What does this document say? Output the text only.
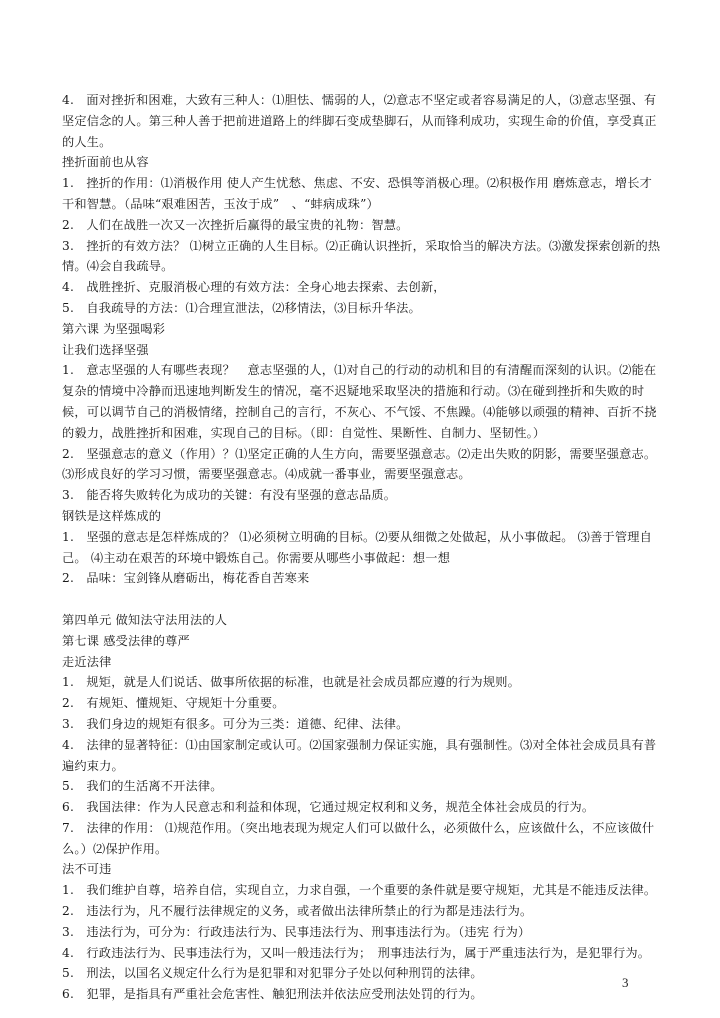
4.　面对挫折和困难，大致有三种人：⑴胆怯、懦弱的人，⑵意志不坚定或者容易满足的人，⑶意志坚强、有坚定信念的人。第三种人善于把前进道路上的绊脚石变成垫脚石，从而锋利成功，实现生命的价值，享受真正的人生。

挫折面前也从容

1.　挫折的作用：⑴消极作用 使人产生忧愁、焦虑、不安、恐惧等消极心理。⑵积极作用 磨炼意志，增长才干和智慧。（品味“艰难困苦，玉汝于成”　、“蚌病成珠”）

2.　人们在战胜一次又一次挫折后赢得的最宝贵的礼物：智慧。

3.　挫折的有效方法？ ⑴树立正确的人生目标。⑵正确认识挫折，采取恰当的解决方法。⑶激发探索创新的热情。⑷会自我疏导。

4.　战胜挫折、克服消极心理的有效方法：全身心地去探索、去创新，

5.　自我疏导的方法：⑴合理宣泄法，⑵移情法，⑶目标升华法。

第六课 为坚强喝彩

让我们选择坚强

1.　意志坚强的人有哪些表现？　意志坚强的人，⑴对自己的行动的动机和目的有清醒而深刻的认识。⑵能在复杂的情境中冷静而迅速地判断发生的情况，毫不迟疑地采取坚决的措施和行动。⑶在碰到挫折和失败的时候，可以调节自己的消极情绪，控制自己的言行，不灰心、不气馁、不焦躁。⑷能够以顽强的精神、百折不挠的毅力，战胜挫折和困难，实现自己的目标。（即：自觉性、果断性、自制力、坚韧性。）

2.　坚强意志的意义（作用）？⑴坚定正确的人生方向，需要坚强意志。⑵走出失败的阴影，需要坚强意志。⑶形成良好的学习习惯，需要坚强意志。⑷成就一番事业，需要坚强意志。

3.　能否将失败转化为成功的关键：有没有坚强的意志品质。

钢铁是这样炼成的

1.　坚强的意志是怎样炼成的？ ⑴必须树立明确的目标。⑵要从细微之处做起，从小事做起。 ⑶善于管理自己。 ⑷主动在艰苦的环境中锻炼自己。你需要从哪些小事做起：想一想

2.　品味：宝剑锋从磨砺出，梅花香自苦寒来

第四单元 做知法守法用法的人

第七课 感受法律的尊严

走近法律

1.　规矩，就是人们说话、做事所依据的标准，也就是社会成员都应遵的行为规则。

2.　有规矩、懂规矩、守规矩十分重要。

3.　我们身边的规矩有很多。可分为三类：道德、纪律、法律。

4.　法律的显著特征：⑴由国家制定或认可。⑵国家强制力保证实施，具有强制性。⑶对全体社会成员具有普遍约束力。

5.　我们的生活离不开法律。

6.　我国法律：作为人民意志和利益和体现，它通过规定权利和义务，规范全体社会成员的行为。

7.　法律的作用： ⑴规范作用。（突出地表现为规定人们可以做什么，必须做什么，应该做什么，不应该做什么。）⑵保护作用。

法不可违

1.　我们维护自尊，培养自信，实现自立，力求自强，一个重要的条件就是要守规矩，尤其是不能违反法律。

2.　违法行为，凡不履行法律规定的义务，或者做出法律所禁止的行为都是违法行为。

3.　违法行为，可分为：行政违法行为、民事违法行为、刑事违法行为。（违宪 行为）

4.　行政违法行为、民事违法行为，又叫一般违法行为；　刑事违法行为，属于严重违法行为，是犯罪行为。

5.　刑法，以国名义规定什么行为是犯罪和对犯罪分子处以何种刑罚的法律。

6.　犯罪，是指具有严重社会危害性、触犯刑法并依法应受刑法处罚的行为。

3
